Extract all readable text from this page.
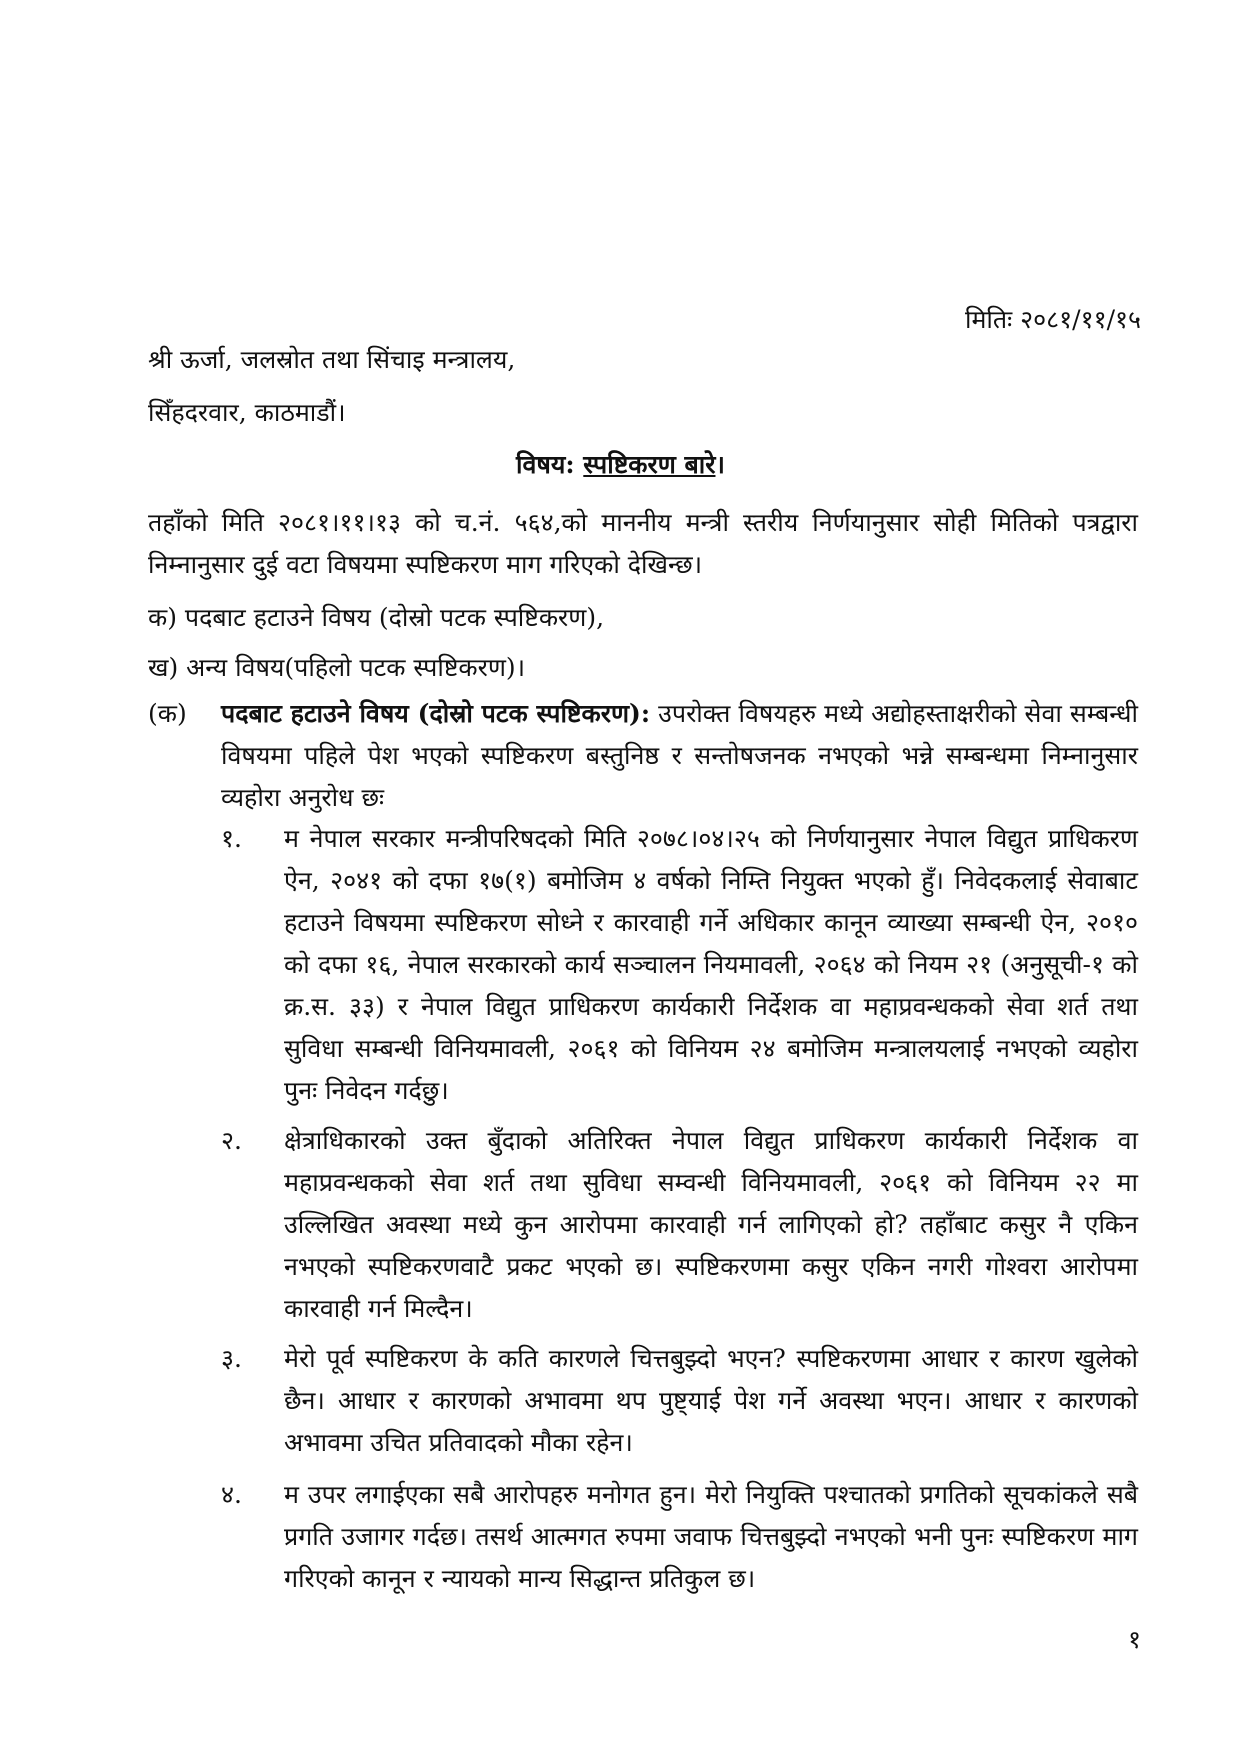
मितिः २०८१/११/१५
श्री ऊर्जा, जलस्रोत तथा सिंचाइ मन्त्रालय,
सिँहदरवार, काठमाडौं।
विषय: स्पष्टिकरण बारे।
तहाँको मिति २०८१।११।१३ को च.नं. ५६४,को माननीय मन्त्री स्तरीय निर्णयानुसार सोही मितिको पत्रद्वारा निम्नानुसार दुई वटा विषयमा स्पष्टिकरण माग गरिएको देखिन्छ।
क) पदबाट हटाउने विषय (दोस्रो पटक स्पष्टिकरण),
ख) अन्य विषय(पहिलो पटक स्पष्टिकरण)।
(क) पदबाट हटाउने विषय (दोस्रो पटक स्पष्टिकरण): उपरोक्त विषयहरु मध्ये अद्योहस्ताक्षरीको सेवा सम्बन्धी विषयमा पहिले पेश भएको स्पष्टिकरण बस्तुनिष्ठ र सन्तोषजनक नभएको भन्ने सम्बन्धमा निम्नानुसार व्यहोरा अनुरोध छः
१. म नेपाल सरकार मन्त्रीपरिषदको मिति २०७८।०४।२५ को निर्णयानुसार नेपाल विद्युत प्राधिकरण ऐन, २०४१ को दफा १७(१) बमोजिम ४ वर्षको निम्ति नियुक्त भएको हुँ। निवेदकलाई सेवाबाट हटाउने विषयमा स्पष्टिकरण सोध्ने र कारवाही गर्ने अधिकार कानून व्याख्या सम्बन्धी ऐन, २०१० को दफा १६, नेपाल सरकारको कार्य सञ्चालन नियमावली, २०६४ को नियम २१ (अनुसूची-१ को क्र.स. ३३) र नेपाल विद्युत प्राधिकरण कार्यकारी निर्देशक वा महाप्रवन्धकको सेवा शर्त तथा सुविधा सम्बन्धी विनियमावली, २०६१ को विनियम २४ बमोजिम मन्त्रालयलाई नभएको व्यहोरा पुनः निवेदन गर्दछु।
२. क्षेत्राधिकारको उक्त बुँदाको अतिरिक्त नेपाल विद्युत प्राधिकरण कार्यकारी निर्देशक वा महाप्रवन्धकको सेवा शर्त तथा सुविधा सम्वन्धी विनियमावली, २०६१ को विनियम २२ मा उल्लिखित अवस्था मध्ये कुन आरोपमा कारवाही गर्न लागिएको हो? तहाँबाट कसुर नै एकिन नभएको स्पष्टिकरणवाटै प्रकट भएको छ। स्पष्टिकरणमा कसुर एकिन नगरी गोश्वरा आरोपमा कारवाही गर्न मिल्दैन।
३. मेरो पूर्व स्पष्टिकरण के कति कारणले चित्तबुझ्दो भएन? स्पष्टिकरणमा आधार र कारण खुलेको छैन। आधार र कारणको अभावमा थप पुष्ट्याई पेश गर्ने अवस्था भएन। आधार र कारणको अभावमा उचित प्रतिवादको मौका रहेन।
४. म उपर लगाईएका सबै आरोपहरु मनोगत हुन। मेरो नियुक्ति पश्चातको प्रगतिको सूचकांकले सबै प्रगति उजागर गर्दछ। तसर्थ आत्मगत रुपमा जवाफ चित्तबुझ्दो नभएको भनी पुनः स्पष्टिकरण माग गरिएको कानून र न्यायको मान्य सिद्धान्त प्रतिकुल छ।
१
